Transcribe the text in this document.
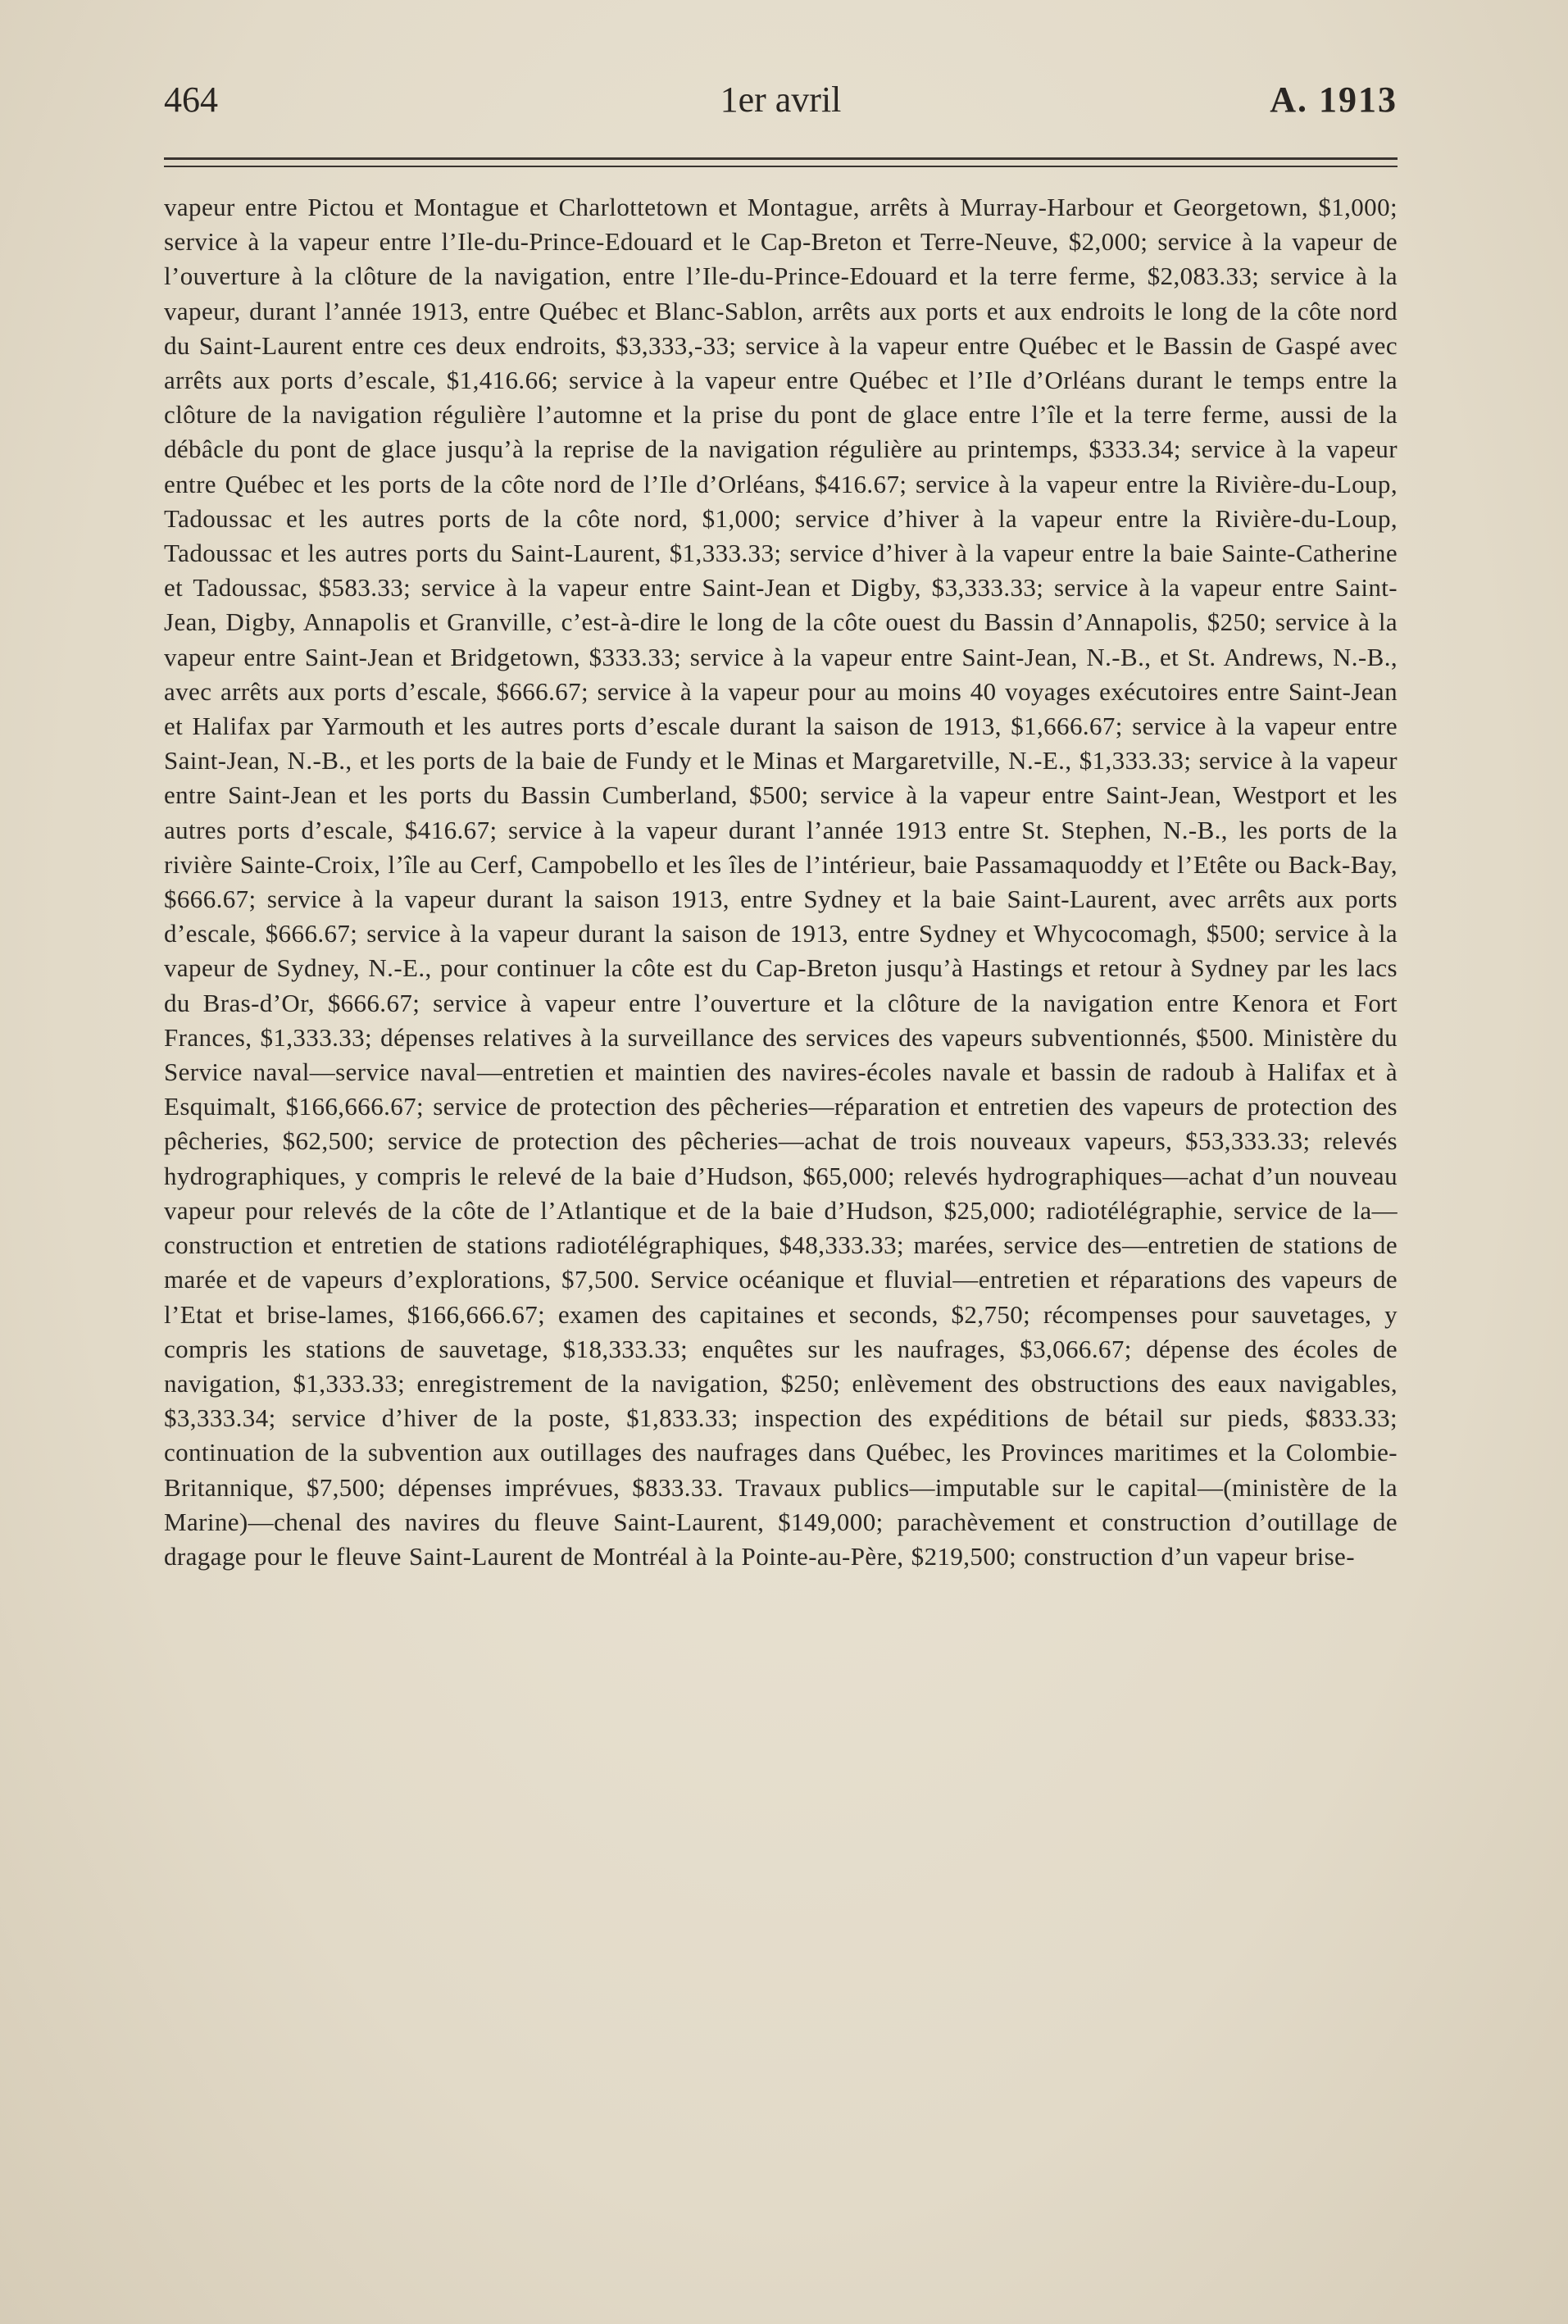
464	1er avril	A. 1913

vapeur entre Pictou et Montague et Charlottetown et Montague, arrêts à Murray-Harbour et Georgetown, $1,000; service à la vapeur entre l’Ile-du-Prince-Edouard et le Cap-Breton et Terre-Neuve, $2,000; service à la vapeur de l’ouverture à la clôture de la navigation, entre l’Ile-du-Prince-Edouard et la terre ferme, $2,083.33; service à la vapeur, durant l’année 1913, entre Québec et Blanc-Sablon, arrêts aux ports et aux endroits le long de la côte nord du Saint-Laurent entre ces deux endroits, $3,333,-33; service à la vapeur entre Québec et le Bassin de Gaspé avec arrêts aux ports d’escale, $1,416.66; service à la vapeur entre Québec et l’Ile d’Orléans durant le temps entre la clôture de la navigation régulière l’automne et la prise du pont de glace entre l’île et la terre ferme, aussi de la débâcle du pont de glace jusqu’à la reprise de la navigation régulière au printemps, $333.34; service à la vapeur entre Québec et les ports de la côte nord de l’Ile d’Orléans, $416.67; service à la vapeur entre la Rivière-du-Loup, Tadoussac et les autres ports de la côte nord, $1,000; service d’hiver à la vapeur entre la Rivière-du-Loup, Tadoussac et les autres ports du Saint-Laurent, $1,333.33; service d’hiver à la vapeur entre la baie Sainte-Catherine et Tadoussac, $583.33; service à la vapeur entre Saint-Jean et Digby, $3,333.33; service à la vapeur entre Saint-Jean, Digby, Annapolis et Granville, c’est-à-dire le long de la côte ouest du Bassin d’Annapolis, $250; service à la vapeur entre Saint-Jean et Bridgetown, $333.33; service à la vapeur entre Saint-Jean, N.-B., et St. Andrews, N.-B., avec arrêts aux ports d’escale, $666.67; service à la vapeur pour au moins 40 voyages exécutoires entre Saint-Jean et Halifax par Yarmouth et les autres ports d’escale durant la saison de 1913, $1,666.67; service à la vapeur entre Saint-Jean, N.-B., et les ports de la baie de Fundy et le Minas et Margaretville, N.-E., $1,333.33; service à la vapeur entre Saint-Jean et les ports du Bassin Cumberland, $500; service à la vapeur entre Saint-Jean, Westport et les autres ports d’escale, $416.67; service à la vapeur durant l’année 1913 entre St. Stephen, N.-B., les ports de la rivière Sainte-Croix, l’île au Cerf, Campobello et les îles de l’intérieur, baie Passamaquoddy et l’Etête ou Back-Bay, $666.67; service à la vapeur durant la saison 1913, entre Sydney et la baie Saint-Laurent, avec arrêts aux ports d’escale, $666.67; service à la vapeur durant la saison de 1913, entre Sydney et Whycocomagh, $500; service à la vapeur de Sydney, N.-E., pour continuer la côte est du Cap-Breton jusqu’à Hastings et retour à Sydney par les lacs du Bras-d’Or, $666.67; service à vapeur entre l’ouverture et la clôture de la navigation entre Kenora et Fort Frances, $1,333.33; dépenses relatives à la surveillance des services des vapeurs subventionnés, $500. Ministère du Service naval—service naval—entretien et maintien des navires-écoles navale et bassin de radoub à Halifax et à Esquimalt, $166,666.67; service de protection des pêcheries—réparation et entretien des vapeurs de protection des pêcheries, $62,500; service de protection des pêcheries—achat de trois nouveaux vapeurs, $53,333.33; relevés hydrographiques, y compris le relevé de la baie d’Hudson, $65,000; relevés hydrographiques—achat d’un nouveau vapeur pour relevés de la côte de l’Atlantique et de la baie d’Hudson, $25,000; radiotélégraphie, service de la—construction et entretien de stations radiotélégraphiques, $48,333.33; marées, service des—entretien de stations de marée et de vapeurs d’explorations, $7,500. Service océanique et fluvial—entretien et réparations des vapeurs de l’Etat et brise-lames, $166,666.67; examen des capitaines et seconds, $2,750; récompenses pour sauvetages, y compris les stations de sauvetage, $18,333.33; enquêtes sur les naufrages, $3,066.67; dépense des écoles de navigation, $1,333.33; enregistrement de la navigation, $250; enlèvement des obstructions des eaux navigables, $3,333.34; service d’hiver de la poste, $1,833.33; inspection des expéditions de bétail sur pieds, $833.33; continuation de la subvention aux outillages des naufrages dans Québec, les Provinces maritimes et la Colombie-Britannique, $7,500; dépenses imprévues, $833.33. Travaux publics—imputable sur le capital—(ministère de la Marine)—chenal des navires du fleuve Saint-Laurent, $149,000; parachèvement et construction d’outillage de dragage pour le fleuve Saint-Laurent de Montréal à la Pointe-au-Père, $219,500; construction d’un vapeur brise-
